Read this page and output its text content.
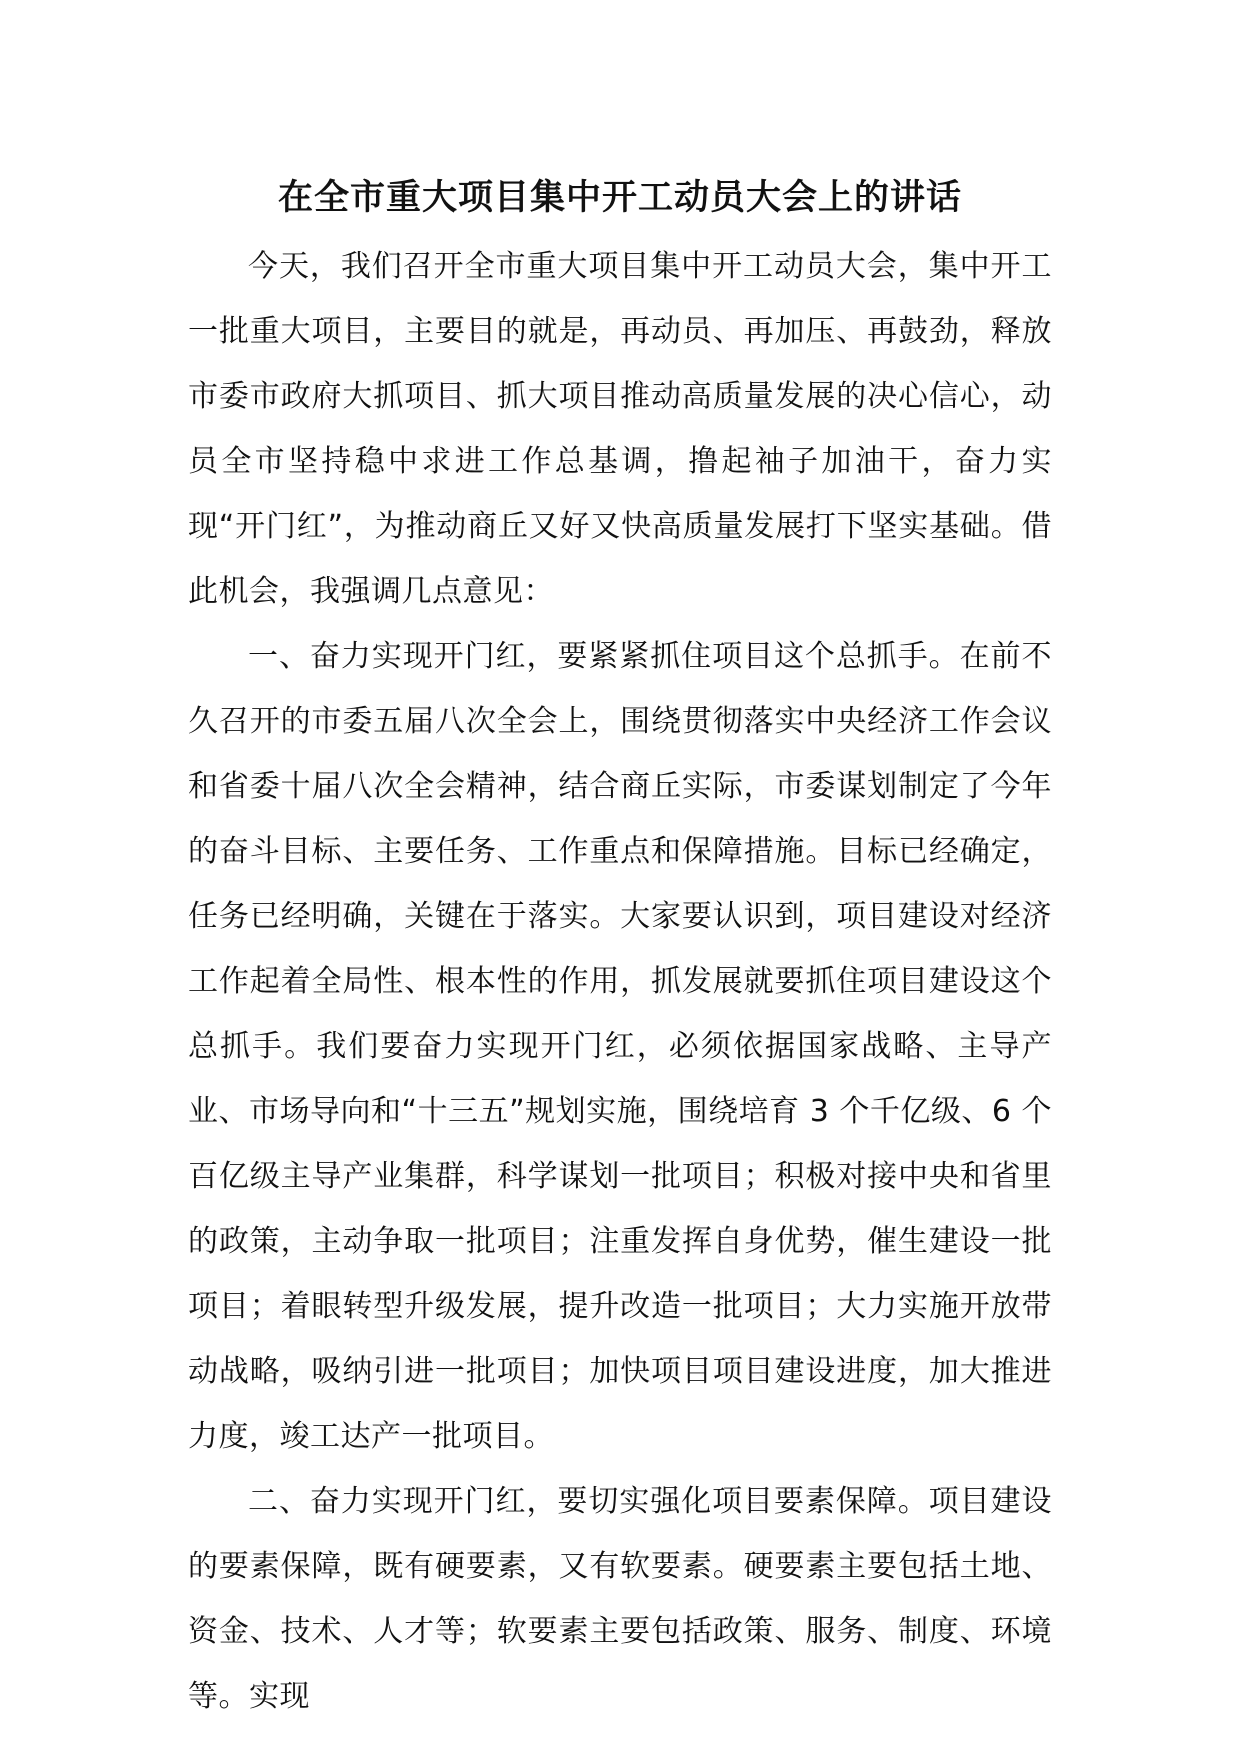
在全市重大项目集中开工动员大会上的讲话

今天，我们召开全市重大项目集中开工动员大会，集中开工一批重大项目，主要目的就是，再动员、再加压、再鼓劲，释放市委市政府大抓项目、抓大项目推动高质量发展的决心信心，动员全市坚持稳中求进工作总基调，撸起袖子加油干，奋力实现“开门红”，为推动商丘又好又快高质量发展打下坚实基础。借此机会，我强调几点意见：

一、奋力实现开门红，要紧紧抓住项目这个总抓手。在前不久召开的市委五届八次全会上，围绕贯彻落实中央经济工作会议和省委十届八次全会精神，结合商丘实际，市委谋划制定了今年的奋斗目标、主要任务、工作重点和保障措施。目标已经确定，任务已经明确，关键在于落实。大家要认识到，项目建设对经济工作起着全局性、根本性的作用，抓发展就要抓住项目建设这个总抓手。我们要奋力实现开门红，必须依据国家战略、主导产业、市场导向和“十三五”规划实施，围绕培育 3 个千亿级、6 个百亿级主导产业集群，科学谋划一批项目；积极对接中央和省里的政策，主动争取一批项目；注重发挥自身优势，催生建设一批项目；着眼转型升级发展，提升改造一批项目；大力实施开放带动战略，吸纳引进一批项目；加快项目项目建设进度，加大推进力度，竣工达产一批项目。

二、奋力实现开门红，要切实强化项目要素保障。项目建设的要素保障，既有硬要素，又有软要素。硬要素主要包括土地、资金、技术、人才等；软要素主要包括政策、服务、制度、环境等。实现
